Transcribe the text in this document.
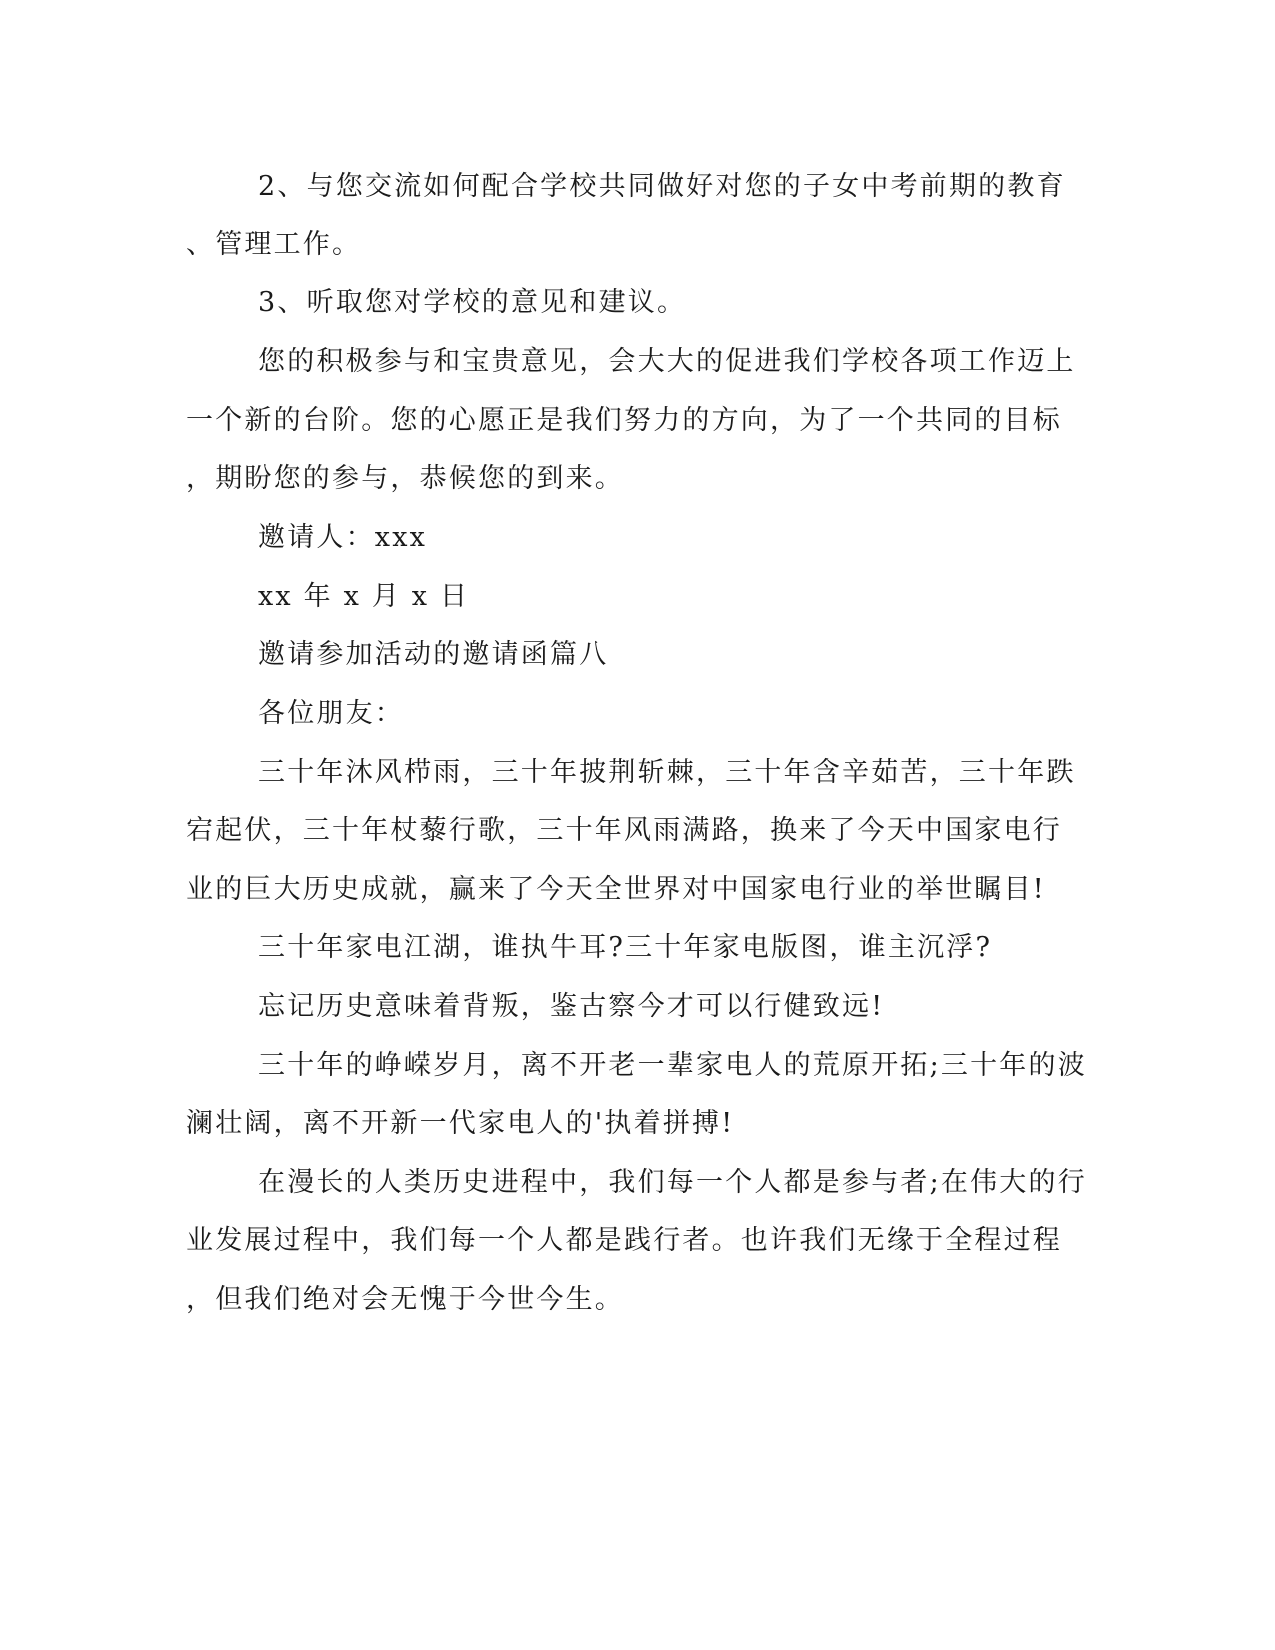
2、与您交流如何配合学校共同做好对您的子女中考前期的教育
、管理工作。
3、听取您对学校的意见和建议。
您的积极参与和宝贵意见，会大大的促进我们学校各项工作迈上
一个新的台阶。您的心愿正是我们努力的方向，为了一个共同的目标
，期盼您的参与，恭候您的到来。
邀请人：xxx
xx 年 x 月 x 日
邀请参加活动的邀请函篇八
各位朋友：
三十年沐风栉雨，三十年披荆斩棘，三十年含辛茹苦，三十年跌
宕起伏，三十年杖藜行歌，三十年风雨满路，换来了今天中国家电行
业的巨大历史成就，赢来了今天全世界对中国家电行业的举世瞩目!
三十年家电江湖，谁执牛耳?三十年家电版图，谁主沉浮?
忘记历史意味着背叛，鉴古察今才可以行健致远!
三十年的峥嵘岁月，离不开老一辈家电人的荒原开拓;三十年的波
澜壮阔，离不开新一代家电人的'执着拼搏!
在漫长的人类历史进程中，我们每一个人都是参与者;在伟大的行
业发展过程中，我们每一个人都是践行者。也许我们无缘于全程过程
，但我们绝对会无愧于今世今生。
